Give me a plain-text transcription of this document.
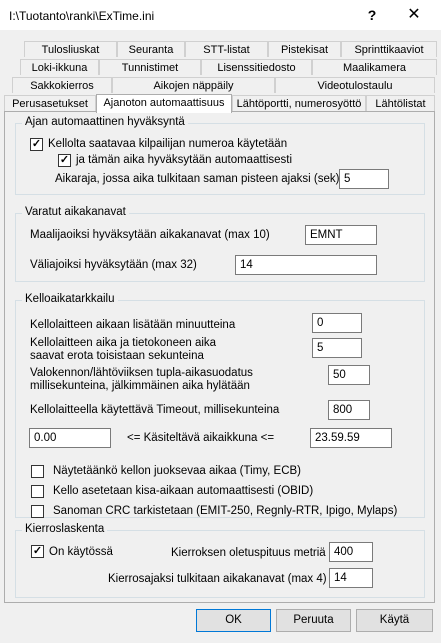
I:\Tuotanto\ranki\ExTime.ini	?	✕
Tulosliuskat	Seuranta	STT-listat	Pistekisat	Sprinttikaaviot
Loki-ikkuna	Tunnistimet	Lisenssitiedosto	Maalikamera
Sakkokierros	Aikojen näppäily	Videotulostaulu
Perusasetukset	Ajanoton automaattisuus	Lähtöportti, numerosyöttö	Lähtölistat
Ajan automaattinen hyväksyntä
✓ Kellolta saatavaa kilpailijan numeroa käytetään
✓ ja tämän aika hyväksytään automaattisesti
Aikaraja, jossa aika tulkitaan saman pisteen ajaksi (sek) 5
Varatut aikakanavat
Maalijaoiksi hyväksytään aikakanavat (max 10)	EMNT
Väliajoiksi hyväksytään (max 32)	14
Kelloaikatarkkailu
Kellolaitteen aikaan lisätään minuutteina	0
Kellolaitteen aika ja tietokoneen aika
saavat erota toisistaan sekunteina
5
Valokennon/lähtöviiksen tupla-aikasuodatus
millisekunteina, jälkimmäinen aika hylätään
50
Kellolaitteella käytettävä Timeout, millisekunteina	800
0.00	<= Käsiteltävä aikaikkuna <=	23.59.59
Näytetäänkö kellon juoksevaa aikaa (Timy, ECB)
Kello asetetaan kisa-aikaan automaattisesti (OBID)
Sanoman CRC tarkistetaan (EMIT-250, Regnly-RTR, Ipigo, Mylaps)
Kierroslaskenta
✓ On käytössä	Kierroksen oletuspituus metriä 400
Kierrosajaksi tulkitaan aikakanavat (max 4) 14
OK	Peruuta	Käytä
